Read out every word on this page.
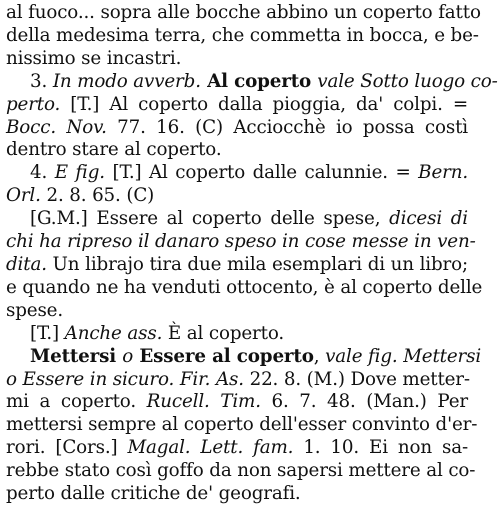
al fuoco... sopra alle bocche abbino un coperto fatto
della medesima terra, che commetta in bocca, e be-
nissimo se incastri.
3. In modo avverb. Al coperto vale Sotto luogo co-
perto. [T.] Al coperto dalla pioggia, da' colpi. =
Bocc. Nov. 77. 16. (C) Acciocchè io possa costì
dentro stare al coperto.
4. E fig. [T.] Al coperto dalle calunnie. = Bern.
Orl. 2. 8. 65. (C)
[G.M.] Essere al coperto delle spese, dicesi di
chi ha ripreso il danaro speso in cose messe in ven-
dita. Un librajo tira due mila esemplari di un libro;
e quando ne ha venduti ottocento, è al coperto delle
spese.
[T.] Anche ass. È al coperto.
Mettersi o Essere al coperto, vale fig. Mettersi
o Essere in sicuro. Fir. As. 22. 8. (M.) Dove metter-
mi a coperto. Rucell. Tim. 6. 7. 48. (Man.) Per
mettersi sempre al coperto dell'esser convinto d'er-
rori. [Cors.] Magal. Lett. fam. 1. 10. Ei non sa-
rebbe stato così goffo da non sapersi mettere al co-
perto dalle critiche de' geografi.
